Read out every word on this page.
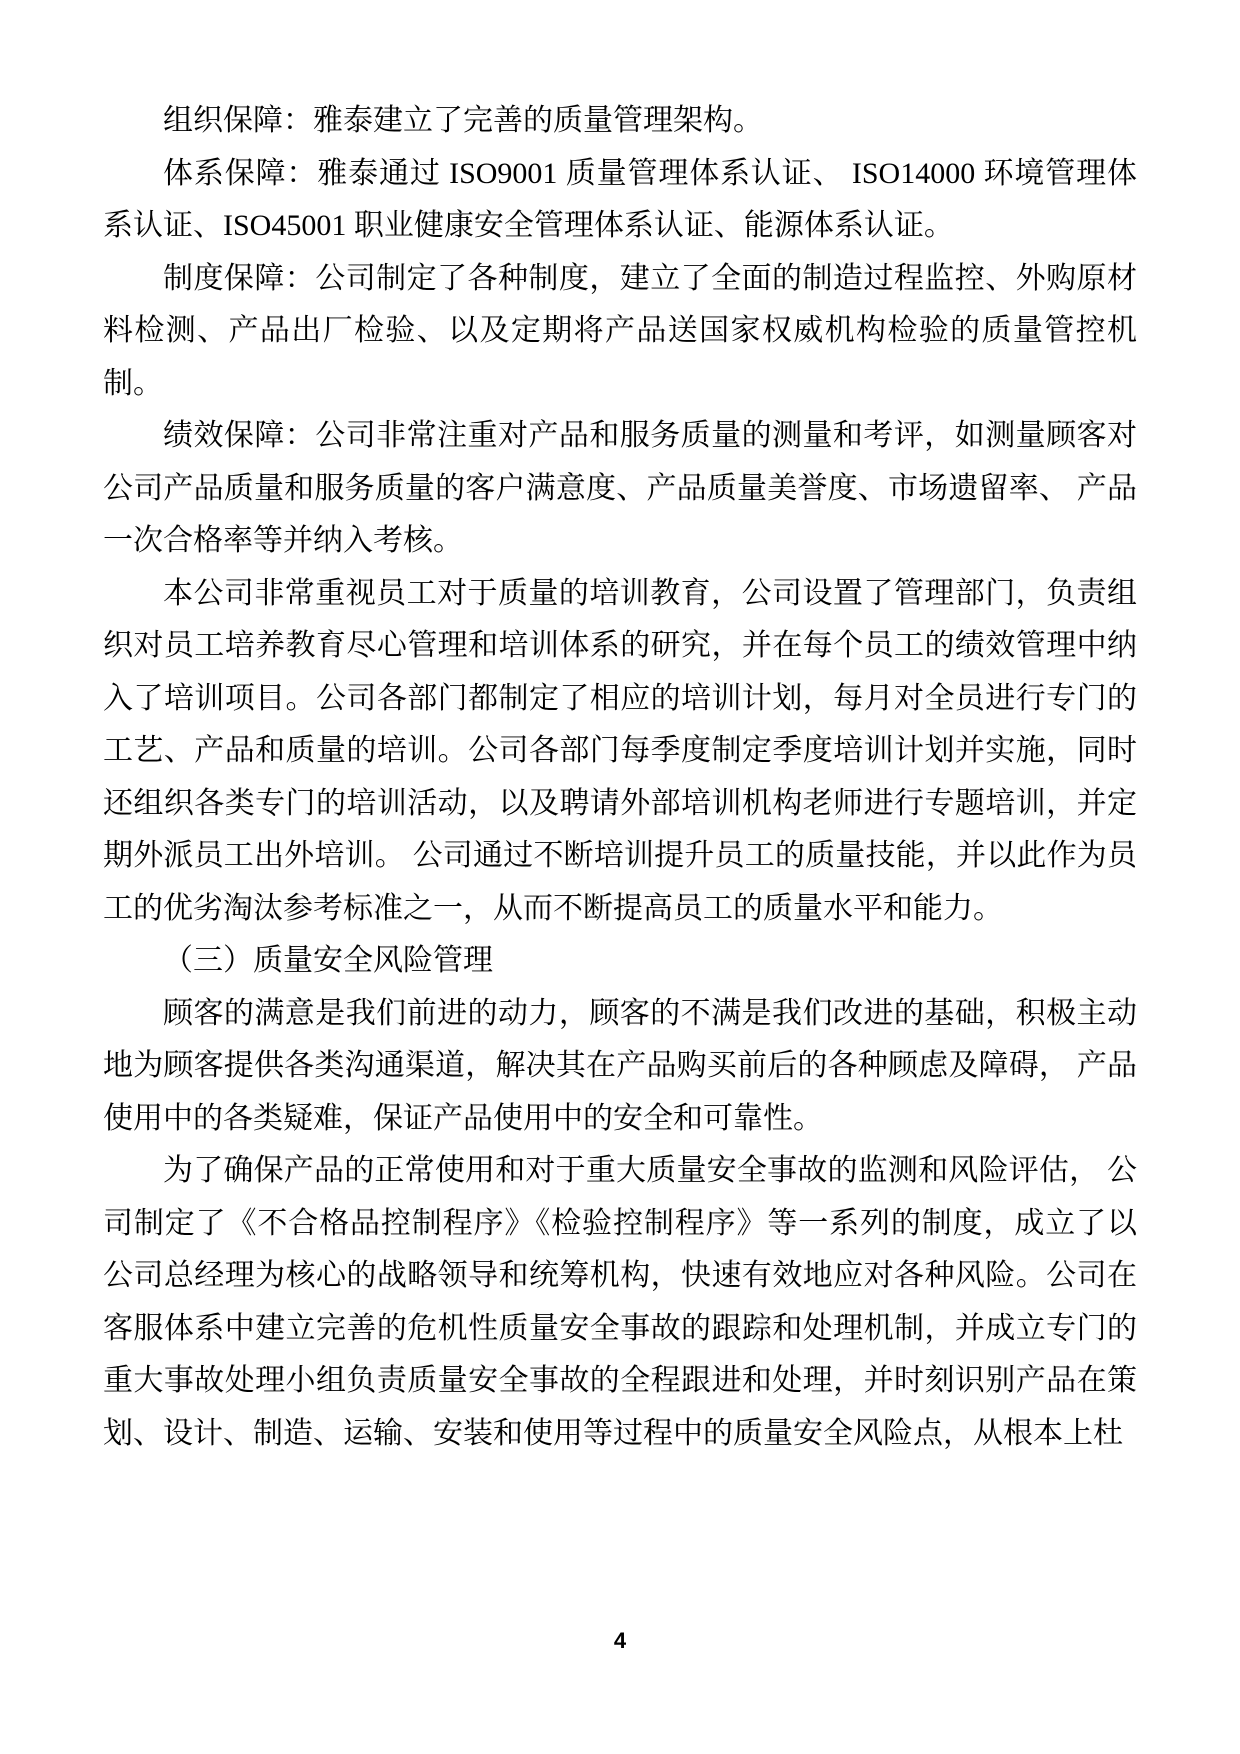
组织保障：雅泰建立了完善的质量管理架构。

体系保障：雅泰通过 ISO9001 质量管理体系认证、 ISO14000 环境管理体系认证、ISO45001 职业健康安全管理体系认证、能源体系认证。

制度保障：公司制定了各种制度，建立了全面的制造过程监控、外购原材料检测、产品出厂检验、以及定期将产品送国家权威机构检验的质量管控机制。

绩效保障：公司非常注重对产品和服务质量的测量和考评，如测量顾客对公司产品质量和服务质量的客户满意度、产品质量美誉度、市场遗留率、 产品一次合格率等并纳入考核。

本公司非常重视员工对于质量的培训教育，公司设置了管理部门，负责组织对员工培养教育尽心管理和培训体系的研究，并在每个员工的绩效管理中纳入了培训项目。公司各部门都制定了相应的培训计划，每月对全员进行专门的工艺、产品和质量的培训。公司各部门每季度制定季度培训计划并实施，同时还组织各类专门的培训活动，以及聘请外部培训机构老师进行专题培训，并定期外派员工出外培训。 公司通过不断培训提升员工的质量技能，并以此作为员工的优劣淘汰参考标准之一，从而不断提高员工的质量水平和能力。

（三）质量安全风险管理

顾客的满意是我们前进的动力，顾客的不满是我们改进的基础，积极主动地为顾客提供各类沟通渠道，解决其在产品购买前后的各种顾虑及障碍， 产品使用中的各类疑难，保证产品使用中的安全和可靠性。

为了确保产品的正常使用和对于重大质量安全事故的监测和风险评估， 公司制定了《不合格品控制程序》《检验控制程序》等一系列的制度，成立了以公司总经理为核心的战略领导和统筹机构，快速有效地应对各种风险。公司在客服体系中建立完善的危机性质量安全事故的跟踪和处理机制，并成立专门的重大事故处理小组负责质量安全事故的全程跟进和处理，并时刻识别产品在策划、设计、制造、运输、安装和使用等过程中的质量安全风险点，从根本上杜

4
